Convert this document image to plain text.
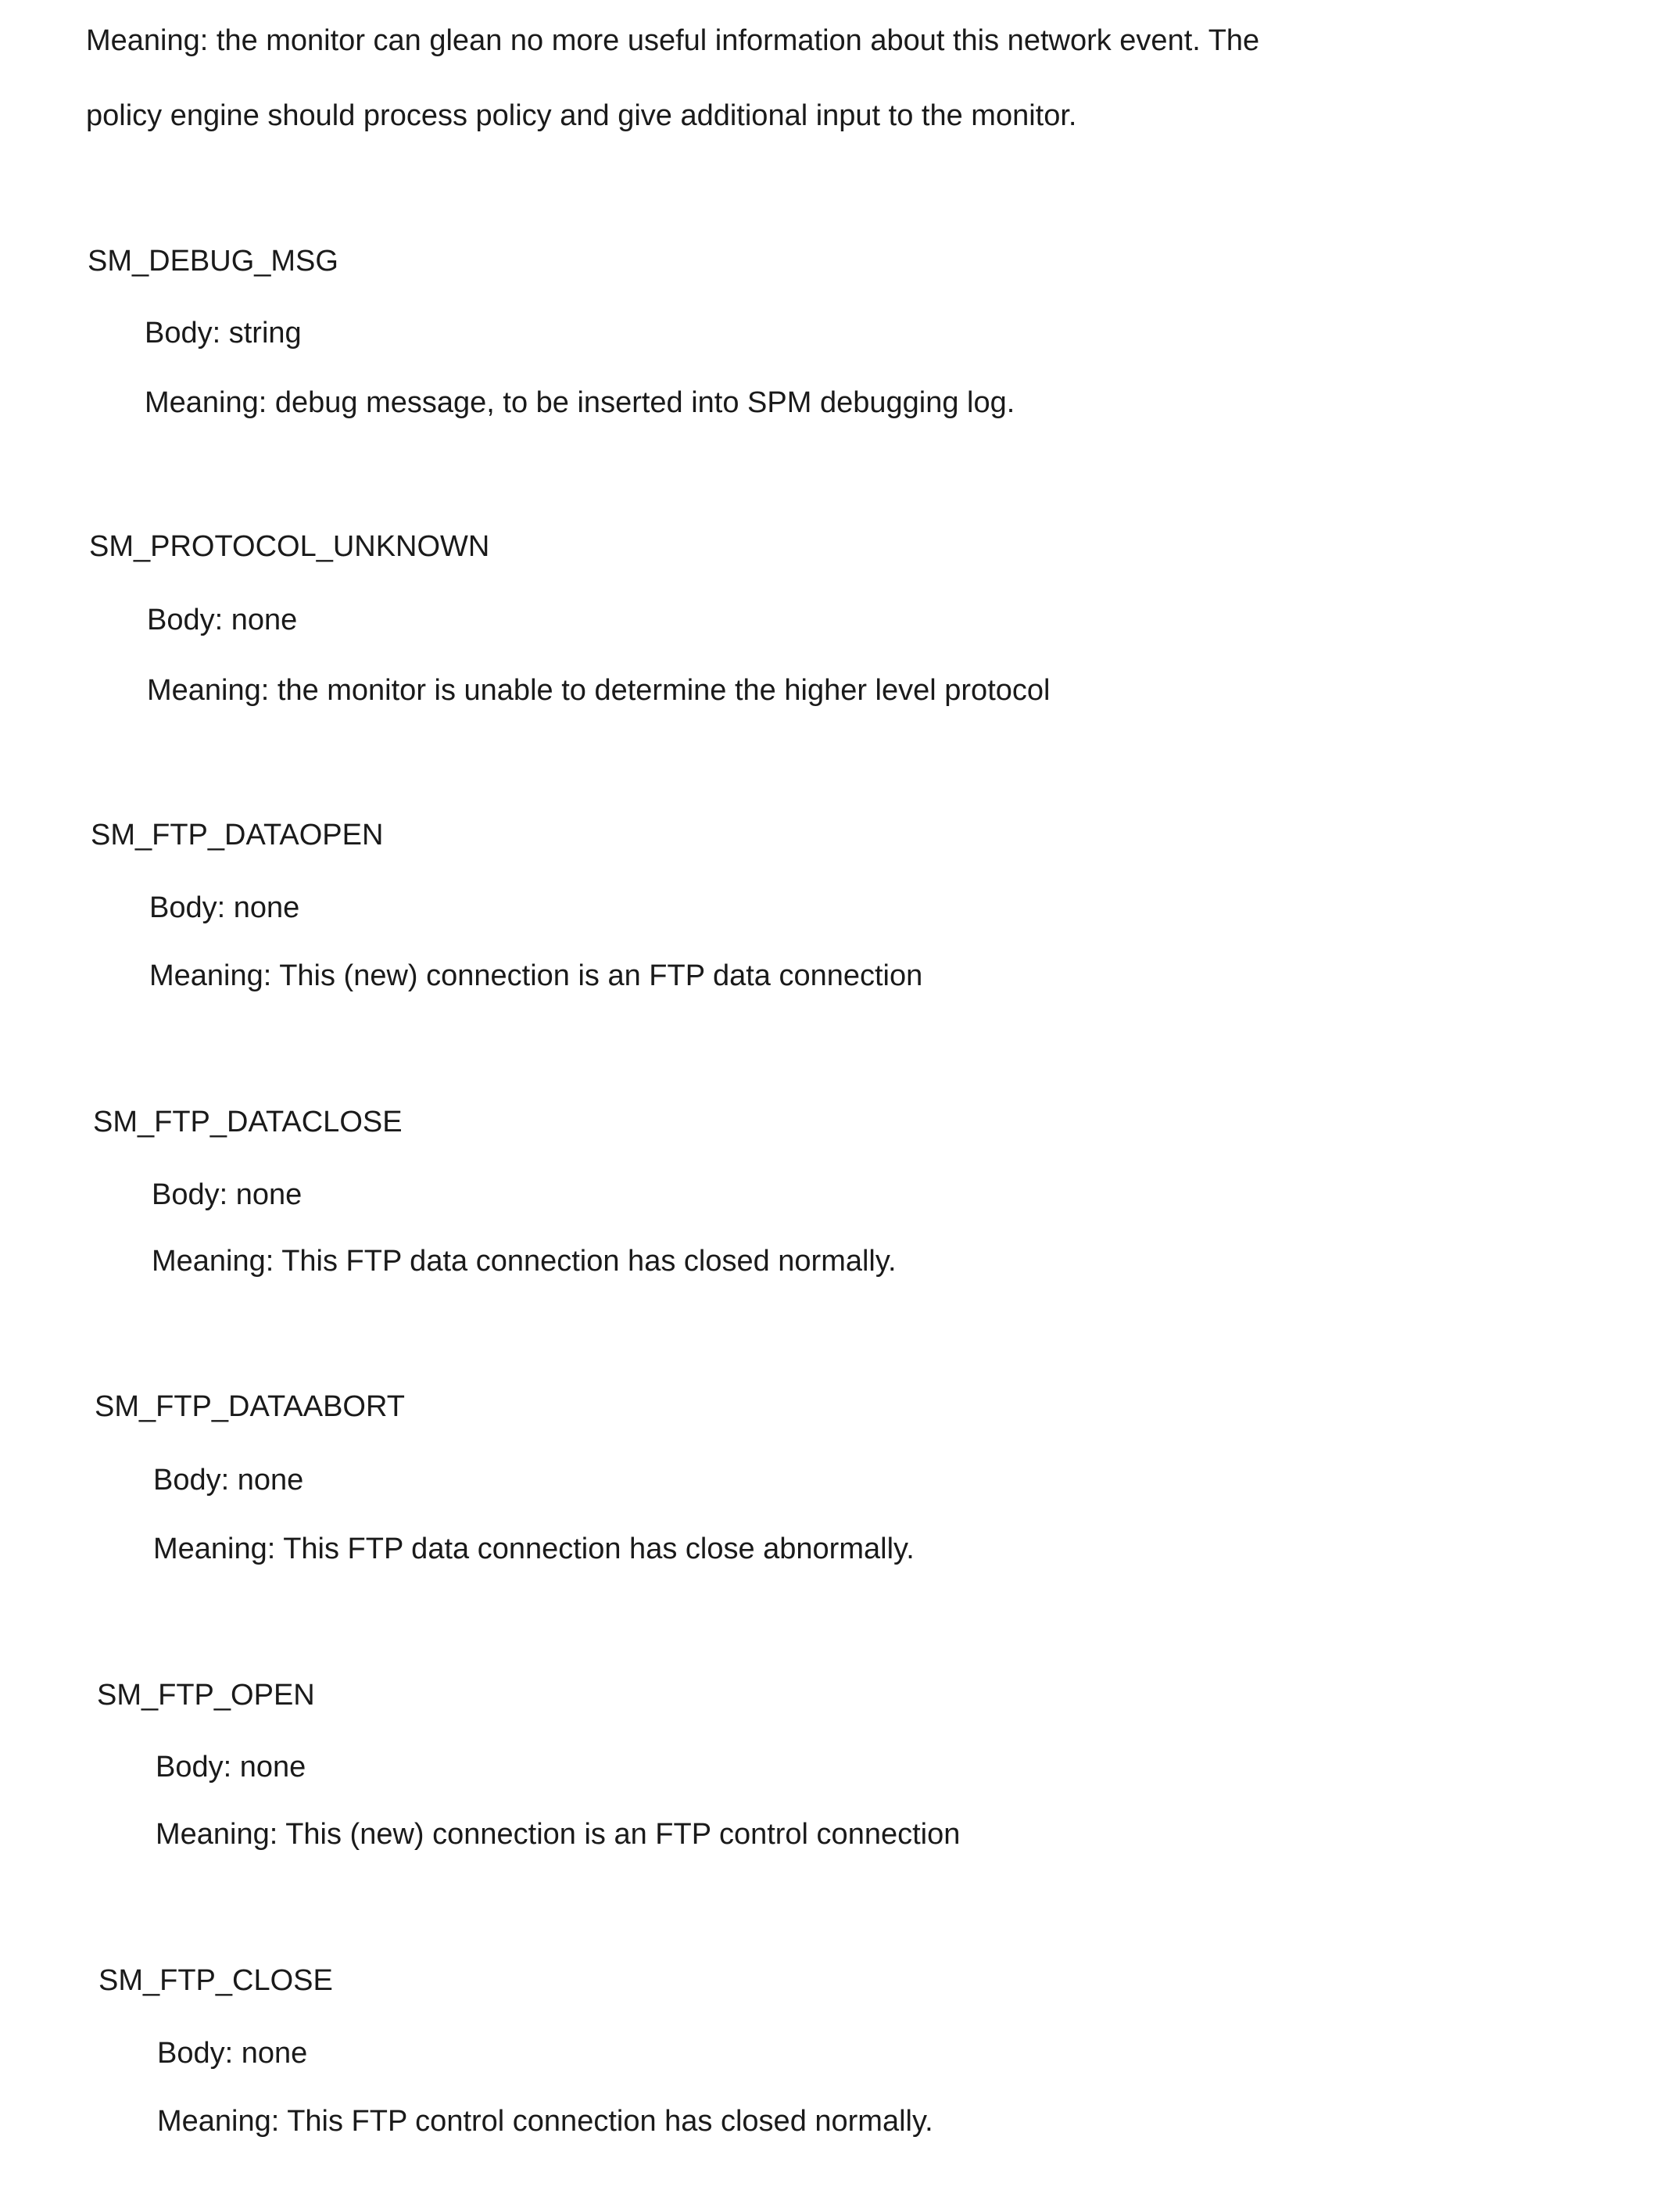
Meaning: the monitor can glean no more useful information about this network event. The
policy engine should process policy and give additional input to the monitor.
SM_DEBUG_MSG
Body: string
Meaning: debug message, to be inserted into SPM debugging log.
SM_PROTOCOL_UNKNOWN
Body: none
Meaning: the monitor is unable to determine the higher level protocol
SM_FTP_DATAOPEN
Body: none
Meaning: This (new) connection is an FTP data connection
SM_FTP_DATACLOSE
Body: none
Meaning: This FTP data connection has closed normally.
SM_FTP_DATAABORT
Body: none
Meaning: This FTP data connection has close abnormally.
SM_FTP_OPEN
Body: none
Meaning: This (new) connection is an FTP control connection
SM_FTP_CLOSE
Body: none
Meaning: This FTP control connection has closed normally.
